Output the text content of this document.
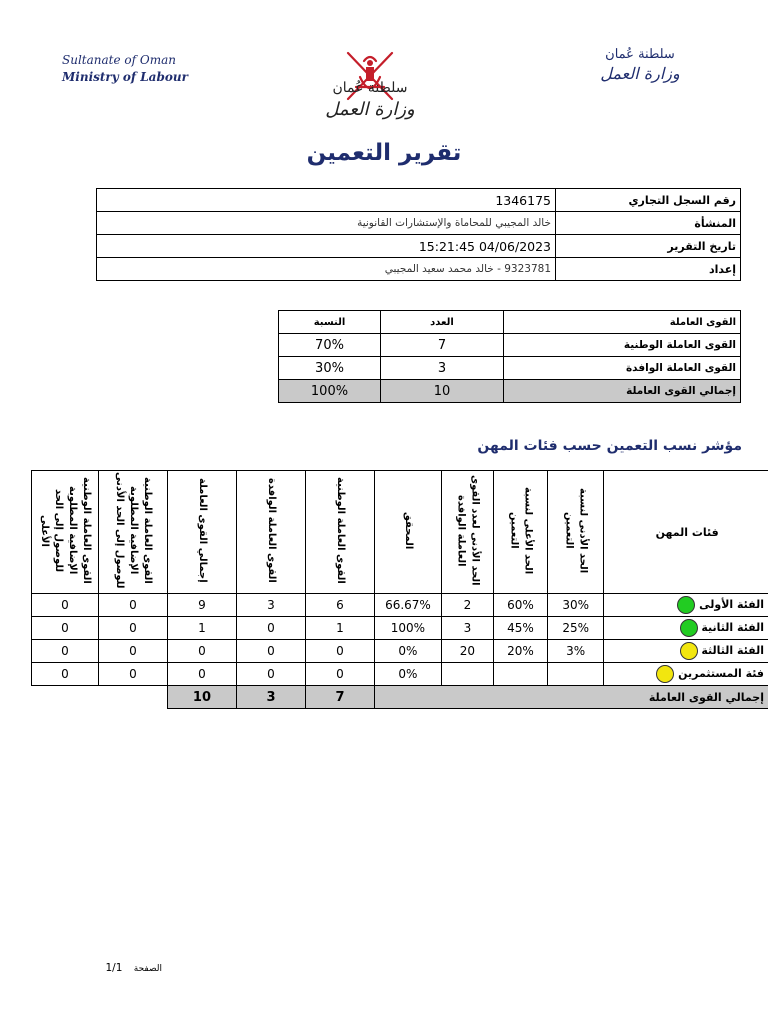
Sultanate of Oman
Ministry of Labour
سلطنة عُمان
وزارة العمل
سلطنة عُمان
وزارة العمل
تقرير التعمين
رقم السجل التجاري	1346175
المنشأة	خالد المجيبي للمحاماة والإستشارات القانونية
تاريخ التقرير	04/06/2023 15:21:45
إعداد	9323781 - خالد محمد سعيد المجيبي
القوى العاملة	العدد	النسبة
القوى العاملة الوطنية	7	70%
القوى العاملة الوافدة	3	30%
إجمالي القوى العاملة	10	100%
مؤشر نسب التعمين حسب فئات المهن
فئات المهن	الحد الأدنى لنسبة التعمين	الحد الأعلى لنسبة التعمين	الحد الأدنى لعدد القوى العاملة الوافدة	المحقق	القوى العاملة الوطنية	القوى العاملة الوافدة	إجمالي القوى العاملة	القوى العاملة الوطنية الإضافية المطلوبة للوصول إلى الحد الأدنى	القوى العاملة الوطنية الإضافية المطلوبة للوصول إلى الحد الأعلى
الفئة الأولى	30%	60%	2	66.67%	6	3	9	0	0
الفئة الثانية	25%	45%	3	100%	1	0	1	0	0
الفئة الثالثة	3%	20%	20	0%	0	0	0	0	0
فئة المستثمرين				0%	0	0	0	0	0
إجمالي القوى العاملة					7	3	10		
الصفحة 1/1
